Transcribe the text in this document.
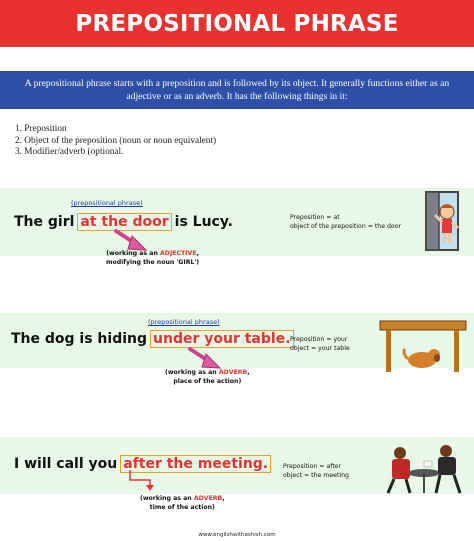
PREPOSITIONAL PHRASE
A prepositional phrase starts with a preposition and is followed by its object. It generally functions either as an adjective or as an adverb. It has the following things in it:
1. Preposition
2. Object of the preposition (noun or noun equivalent)
3. Modifier/adverb (optional.
(prepositional phrase)
The girl at the door is Lucy.
(working as an ADJECTIVE,
modifying the noun 'GIRL')
Preposition = at
object of the preposition = the door
(prepositional phrase)
The dog is hiding under your table.
(working as an ADVERB,
place of the action)
Preposition = your
object = your table
I will call you after the meeting.
(working as an ADVERB,
time of the action)
Preposition = after
object = the meeting
www.englishwithashish.com
